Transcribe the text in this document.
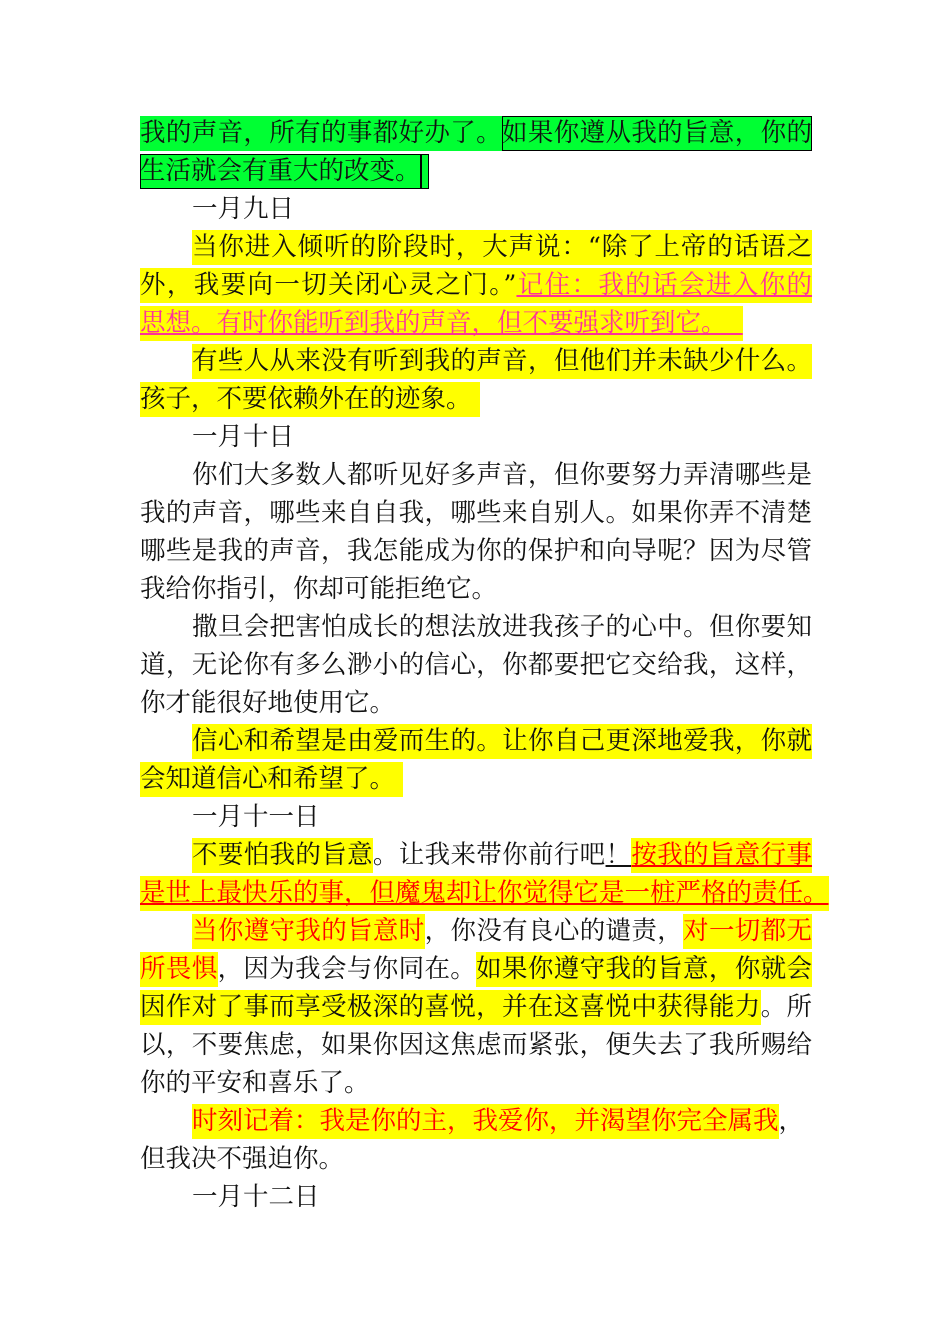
我的声音，所有的事都好办了。如果你遵从我的旨意，你的
生活就会有重大的改变。
一月九日
当你进入倾听的阶段时，大声说：“除了上帝的话语之
外，我要向一切关闭心灵之门。”记住：我的话会进入你的
思想。有时你能听到我的声音，但不要强求听到它。
有些人从来没有听到我的声音，但他们并未缺少什么。
孩子，不要依赖外在的迹象。
一月十日
你们大多数人都听见好多声音，但你要努力弄清哪些是
我的声音，哪些来自自我，哪些来自别人。如果你弄不清楚
哪些是我的声音，我怎能成为你的保护和向导呢？因为尽管
我给你指引，你却可能拒绝它。
撒旦会把害怕成长的想法放进我孩子的心中。但你要知
道，无论你有多么渺小的信心，你都要把它交给我，这样，
你才能很好地使用它。
信心和希望是由爱而生的。让你自己更深地爱我，你就
会知道信心和希望了。
一月十一日
不要怕我的旨意。让我来带你前行吧！按我的旨意行事
是世上最快乐的事，但魔鬼却让你觉得它是一桩严格的责任。
当你遵守我的旨意时，你没有良心的谴责，对一切都无
所畏惧，因为我会与你同在。如果你遵守我的旨意，你就会
因作对了事而享受极深的喜悦，并在这喜悦中获得能力。所
以，不要焦虑，如果你因这焦虑而紧张，便失去了我所赐给
你的平安和喜乐了。
时刻记着：我是你的主，我爱你，并渴望你完全属我，
但我决不强迫你。
一月十二日
